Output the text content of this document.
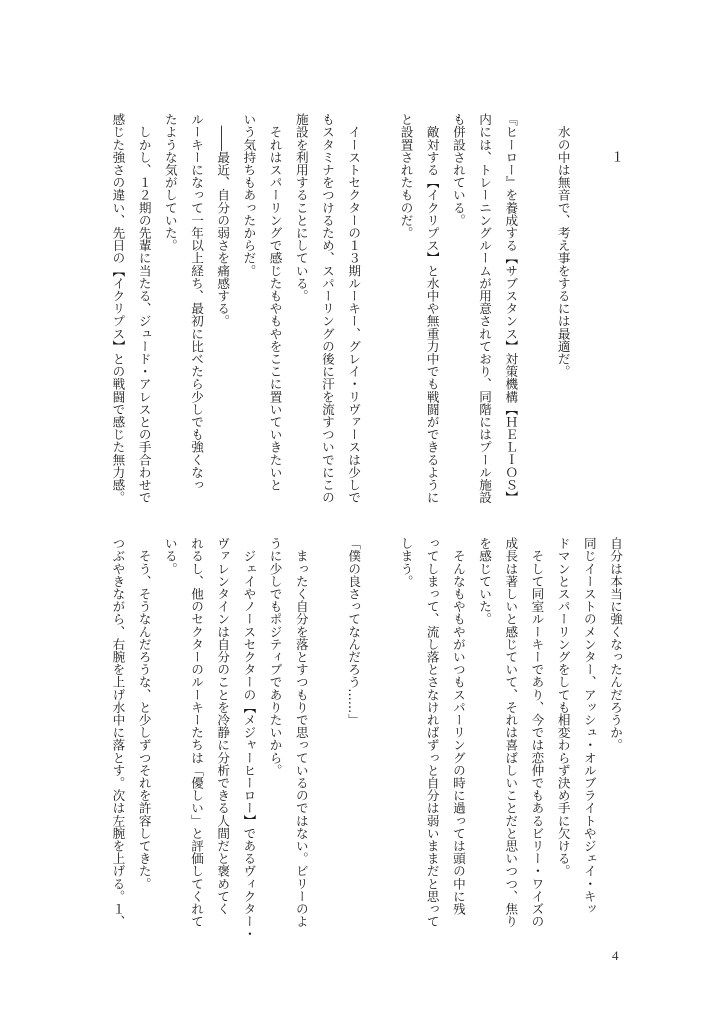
１
　水の中は無音で、考え事をするには最適だ。
『ヒーロー』を養成する【サブスタンス】対策機構【ＨＥＬＩＯＳ】
内には、トレーニングルームが用意されており、同階にはプール施設
も併設されている。
　敵対する【イクリプス】と水中や無重力中でも戦闘ができるように
と設置されたものだ。
　イーストセクターの１３期ルーキー、グレイ・リヴァースは少しで
もスタミナをつけるため、スパーリングの後に汗を流すついでにこの
施設を利用することにしている。
　それはスパーリングで感じたもやもやをここに置いていきたいと
いう気持ちもあったからだ。
　――最近、自分の弱さを痛感する。
ルーキーになって一年以上経ち、最初に比べたら少しでも強くなっ
たような気がしていた。
　しかし、１２期の先輩に当たる、ジュード・アレスとの手合わせで
感じた強さの違い、先日の【イクリプス】との戦闘で感じた無力感。
自分は本当に強くなったんだろうか。
同じイーストのメンター、アッシュ・オルブライトやジェイ・キッ
ドマンとスパーリングをしても相変わらず決め手に欠ける。
　そして同室ルーキーであり、今では恋仲でもあるビリー・ワイズの
成長は著しいと感じていて、それは喜ばしいことだと思いつつ、焦り
を感じていた。
　そんなもやもやがいつもスパーリングの時に過っては頭の中に残
ってしまって、流し落とさなければずっと自分は弱いままだと思って
しまう。
「僕の良さってなんだろう……」
　まったく自分を落とすつもりで思っているのではない。ビリーのよ
うに少しでもポジティブでありたいから。
　ジェイやノースセクターの【メジャーヒーロー】であるヴィクター・
ヴァレンタインは自分のことを冷静に分析できる人間だと褒めてく
れるし、他のセクターのルーキーたちは「優しい」と評価してくれて
いる。
　そう、そうなんだろうな、と少しずつそれを許容してきた。
つぶやきながら、右腕を上げ水中に落とす。次は左腕を上げる。１、
4
